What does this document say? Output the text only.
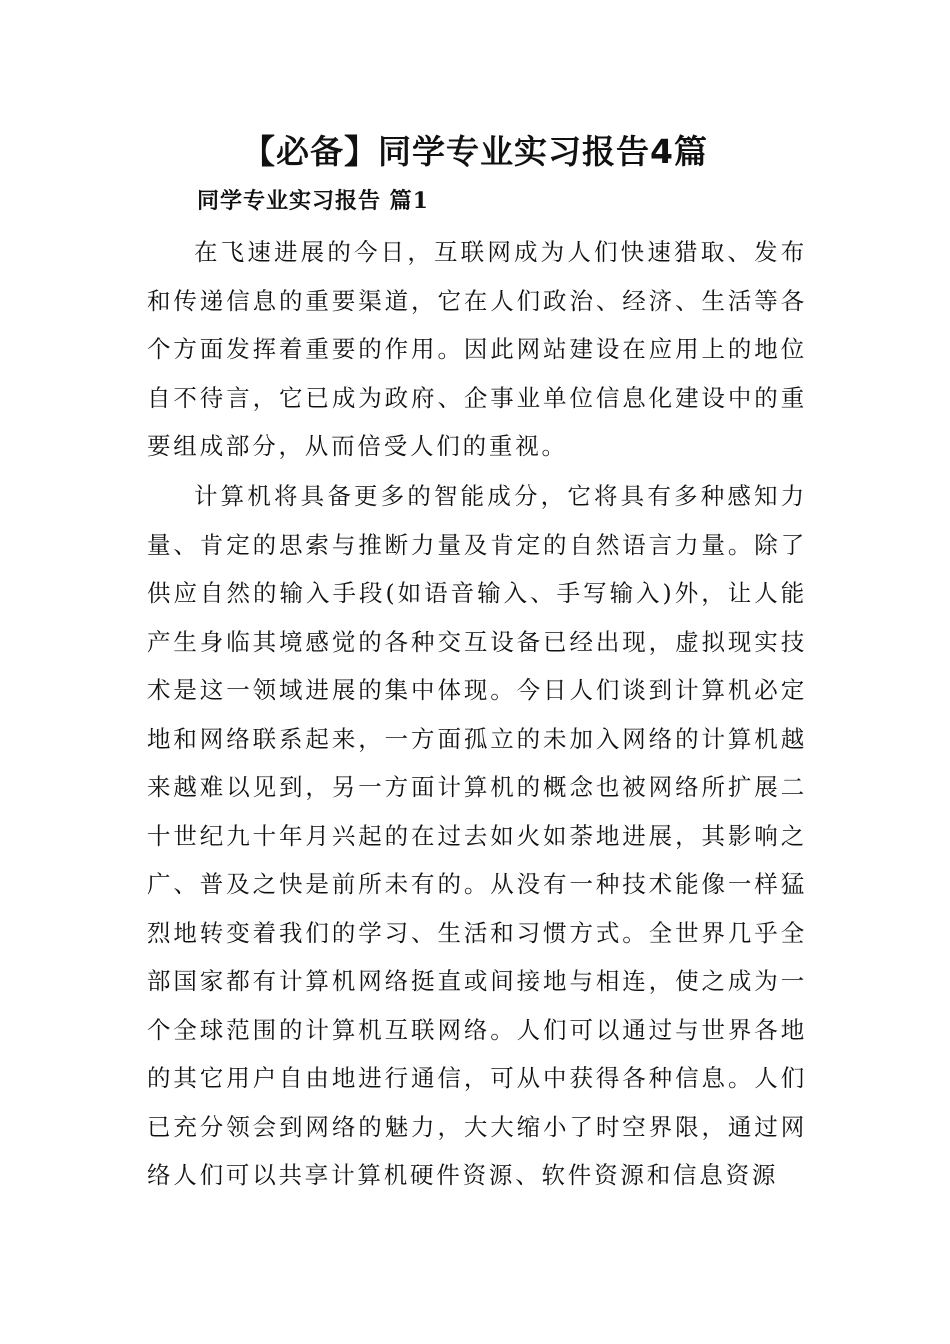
【必备】同学专业实习报告4篇
同学专业实习报告 篇1

在飞速进展的今日，互联网成为人们快速猎取、发布和传递信息的重要渠道，它在人们政治、经济、生活等各个方面发挥着重要的作用。因此网站建设在应用上的地位自不待言，它已成为政府、企事业单位信息化建设中的重要组成部分，从而倍受人们的重视。

计算机将具备更多的智能成分，它将具有多种感知力量、肯定的思索与推断力量及肯定的自然语言力量。除了供应自然的输入手段(如语音输入、手写输入)外，让人能产生身临其境感觉的各种交互设备已经出现，虚拟现实技术是这一领域进展的集中体现。今日人们谈到计算机必定地和网络联系起来，一方面孤立的未加入网络的计算机越来越难以见到，另一方面计算机的概念也被网络所扩展二十世纪九十年月兴起的在过去如火如荼地进展，其影响之广、普及之快是前所未有的。从没有一种技术能像一样猛烈地转变着我们的学习、生活和习惯方式。全世界几乎全部国家都有计算机网络挺直或间接地与相连，使之成为一个全球范围的计算机互联网络。人们可以通过与世界各地的其它用户自由地进行通信，可从中获得各种信息。人们已充分领会到网络的魅力，大大缩小了时空界限，通过网络人们可以共享计算机硬件资源、软件资源和信息资源
